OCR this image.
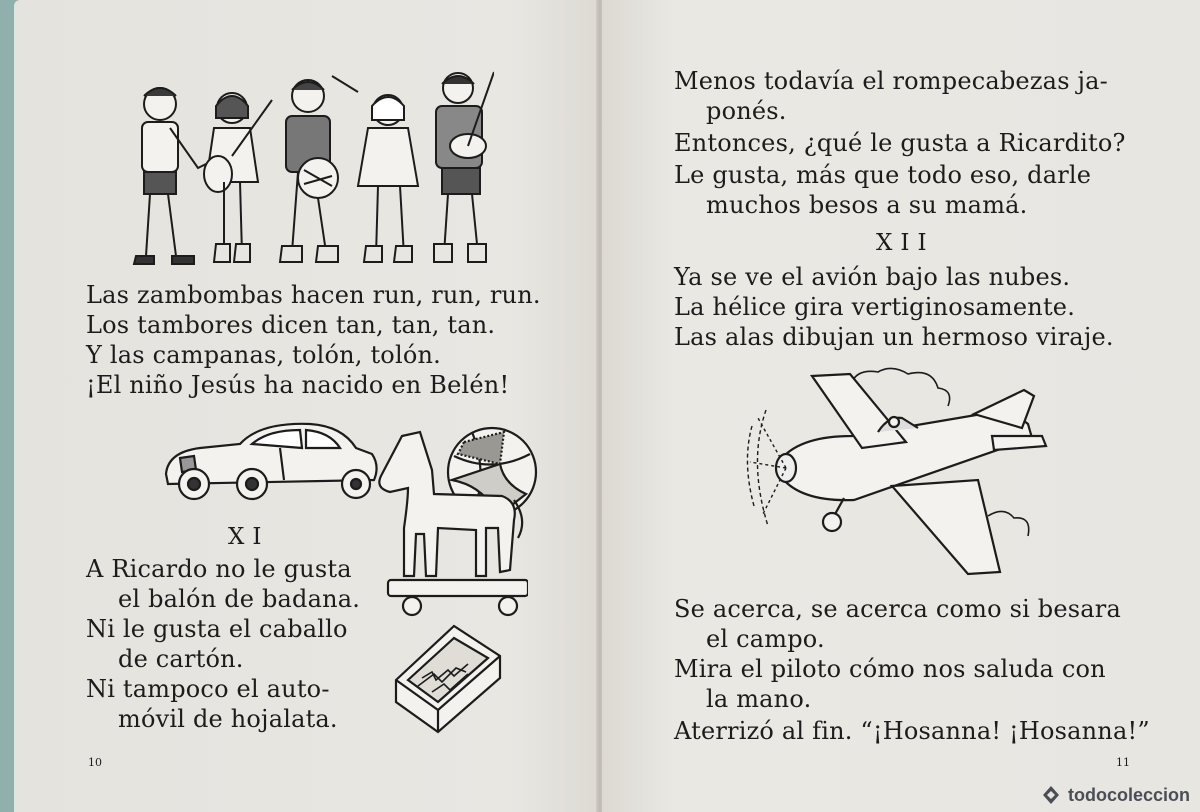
Las zambombas hacen run, run, run.
Los tambores dicen tan, tan, tan.
Y las campanas, tolón, tolón.
¡El niño Jesús ha nacido en Belén!
XI
A Ricardo no le gusta
el balón de badana.
Ni le gusta el caballo
de cartón.
Ni tampoco el auto-
móvil de hojalata.
10
Menos todavía el rompecabezas ja-
ponés.
Entonces, ¿qué le gusta a Ricardito?
Le gusta, más que todo eso, darle
muchos besos a su mamá.
XII
Ya se ve el avión bajo las nubes.
La hélice gira vertiginosamente.
Las alas dibujan un hermoso viraje.
Se acerca, se acerca como si besara
el campo.
Mira el piloto cómo nos saluda con
la mano.
Aterrizó al fin. “¡Hosanna! ¡Hosanna!”
11
todocoleccion
